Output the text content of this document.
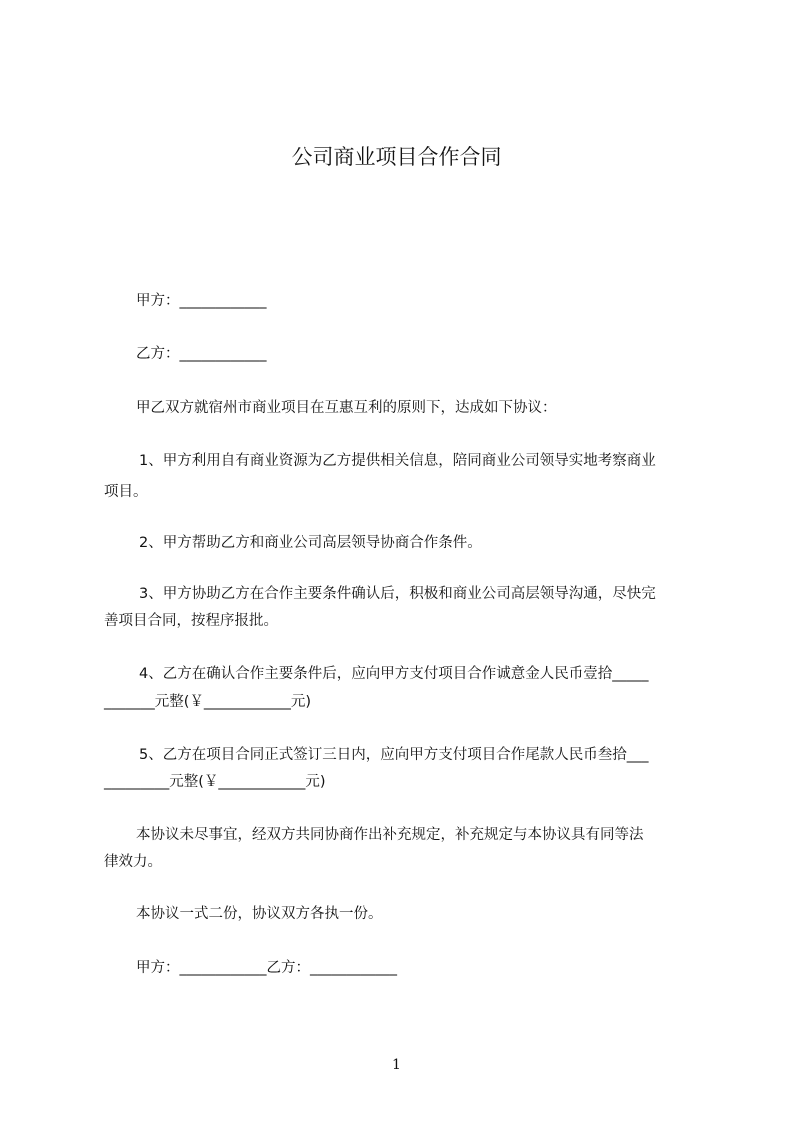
公司商业项目合作合同
甲方：____________
乙方：____________
甲乙双方就宿州市商业项目在互惠互利的原则下，达成如下协议：
1、甲方利用自有商业资源为乙方提供相关信息，陪同商业公司领导实地考察商业
项目。
2、甲方帮助乙方和商业公司高层领导协商合作条件。
3、甲方协助乙方在合作主要条件确认后，积极和商业公司高层领导沟通，尽快完
善项目合同，按程序报批。
4、乙方在确认合作主要条件后，应向甲方支付项目合作诚意金人民币壹拾_____
_______元整(￥____________元)
5、乙方在项目合同正式签订三日内，应向甲方支付项目合作尾款人民币叁拾___
_________元整(￥____________元)
本协议未尽事宜，经双方共同协商作出补充规定，补充规定与本协议具有同等法
律效力。
本协议一式二份，协议双方各执一份。
甲方：____________乙方：____________
1
